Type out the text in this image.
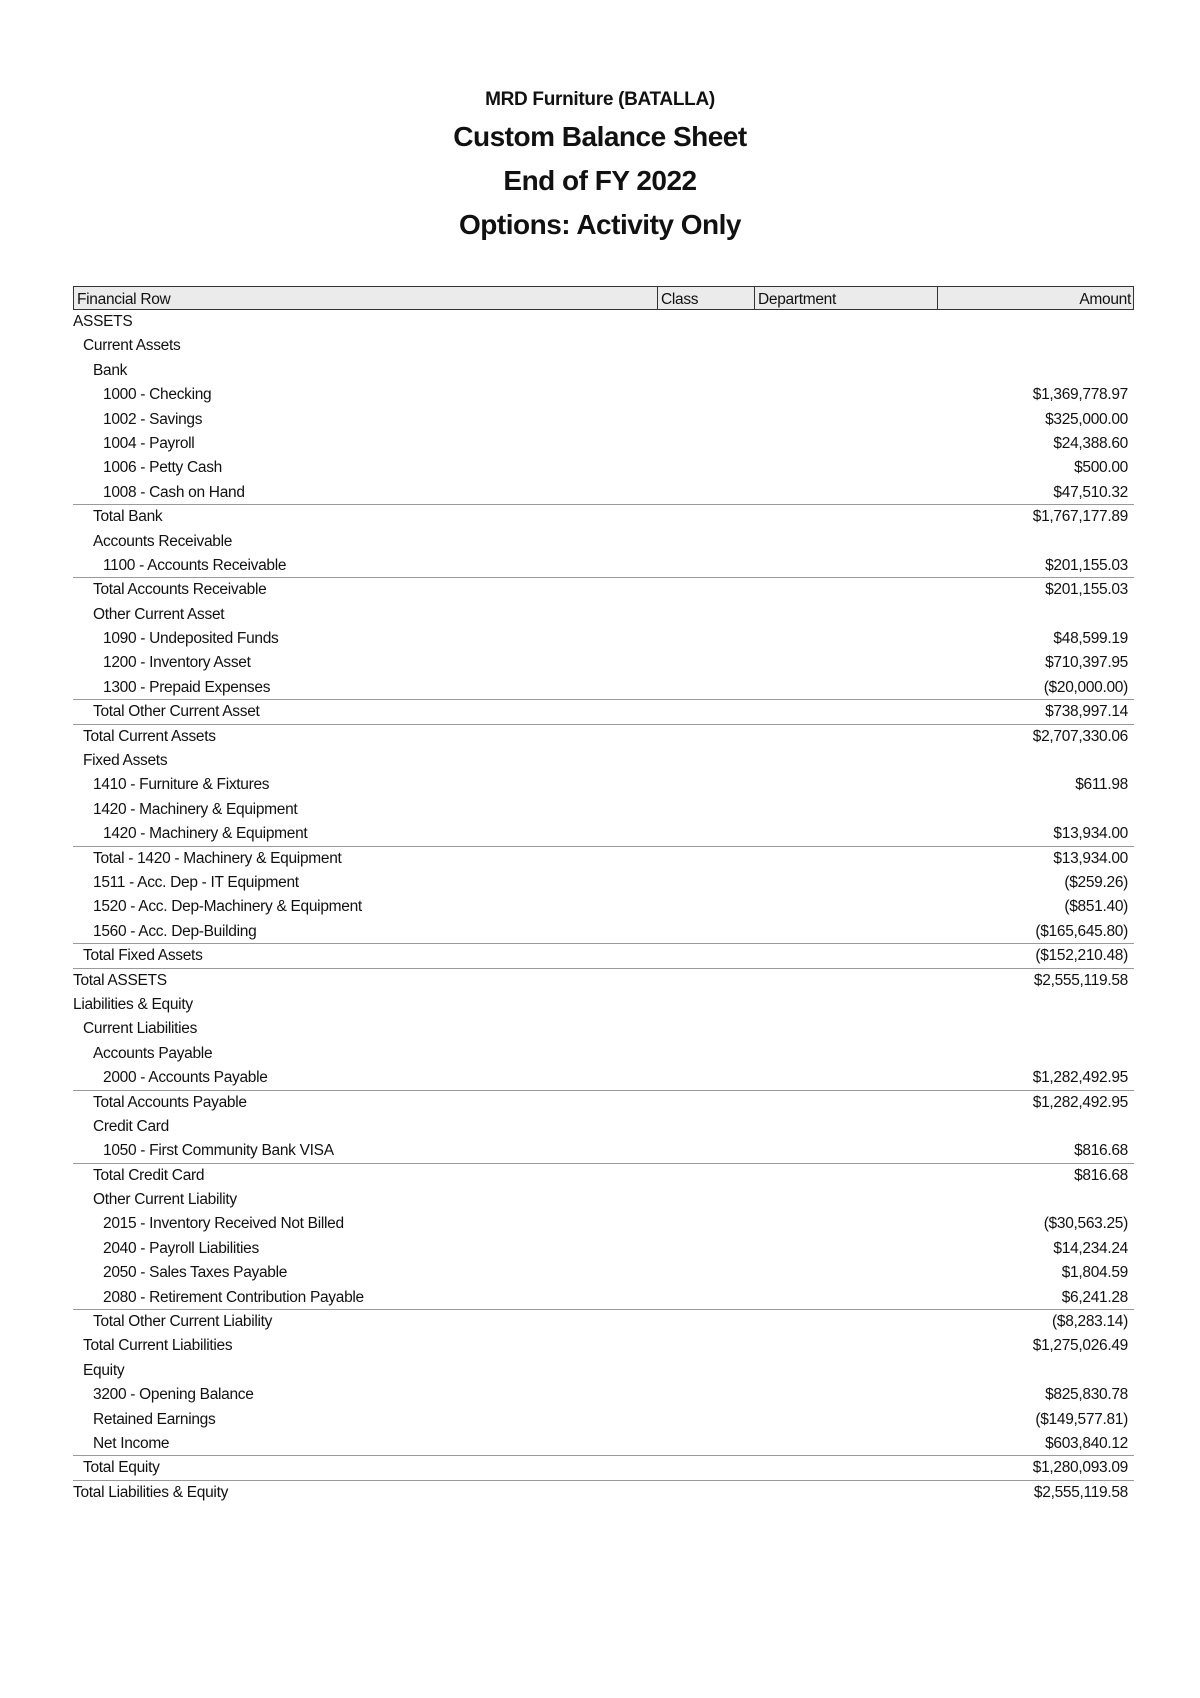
MRD Furniture (BATALLA)
Custom Balance Sheet
End of FY 2022
Options: Activity Only
Financial Row	Class	Department	Amount
ASSETS
Current Assets
Bank
1000 - Checking	$1,369,778.97
1002 - Savings	$325,000.00
1004 - Payroll	$24,388.60
1006 - Petty Cash	$500.00
1008 - Cash on Hand	$47,510.32
Total Bank	$1,767,177.89
Accounts Receivable
1100 - Accounts Receivable	$201,155.03
Total Accounts Receivable	$201,155.03
Other Current Asset
1090 - Undeposited Funds	$48,599.19
1200 - Inventory Asset	$710,397.95
1300 - Prepaid Expenses	($20,000.00)
Total Other Current Asset	$738,997.14
Total Current Assets	$2,707,330.06
Fixed Assets
1410 - Furniture & Fixtures	$611.98
1420 - Machinery & Equipment
1420 - Machinery & Equipment	$13,934.00
Total - 1420 - Machinery & Equipment	$13,934.00
1511 - Acc. Dep - IT Equipment	($259.26)
1520 - Acc. Dep-Machinery & Equipment	($851.40)
1560 - Acc. Dep-Building	($165,645.80)
Total Fixed Assets	($152,210.48)
Total ASSETS	$2,555,119.58
Liabilities & Equity
Current Liabilities
Accounts Payable
2000 - Accounts Payable	$1,282,492.95
Total Accounts Payable	$1,282,492.95
Credit Card
1050 - First Community Bank VISA	$816.68
Total Credit Card	$816.68
Other Current Liability
2015 - Inventory Received Not Billed	($30,563.25)
2040 - Payroll Liabilities	$14,234.24
2050 - Sales Taxes Payable	$1,804.59
2080 - Retirement Contribution Payable	$6,241.28
Total Other Current Liability	($8,283.14)
Total Current Liabilities	$1,275,026.49
Equity
3200 - Opening Balance	$825,830.78
Retained Earnings	($149,577.81)
Net Income	$603,840.12
Total Equity	$1,280,093.09
Total Liabilities & Equity	$2,555,119.58
